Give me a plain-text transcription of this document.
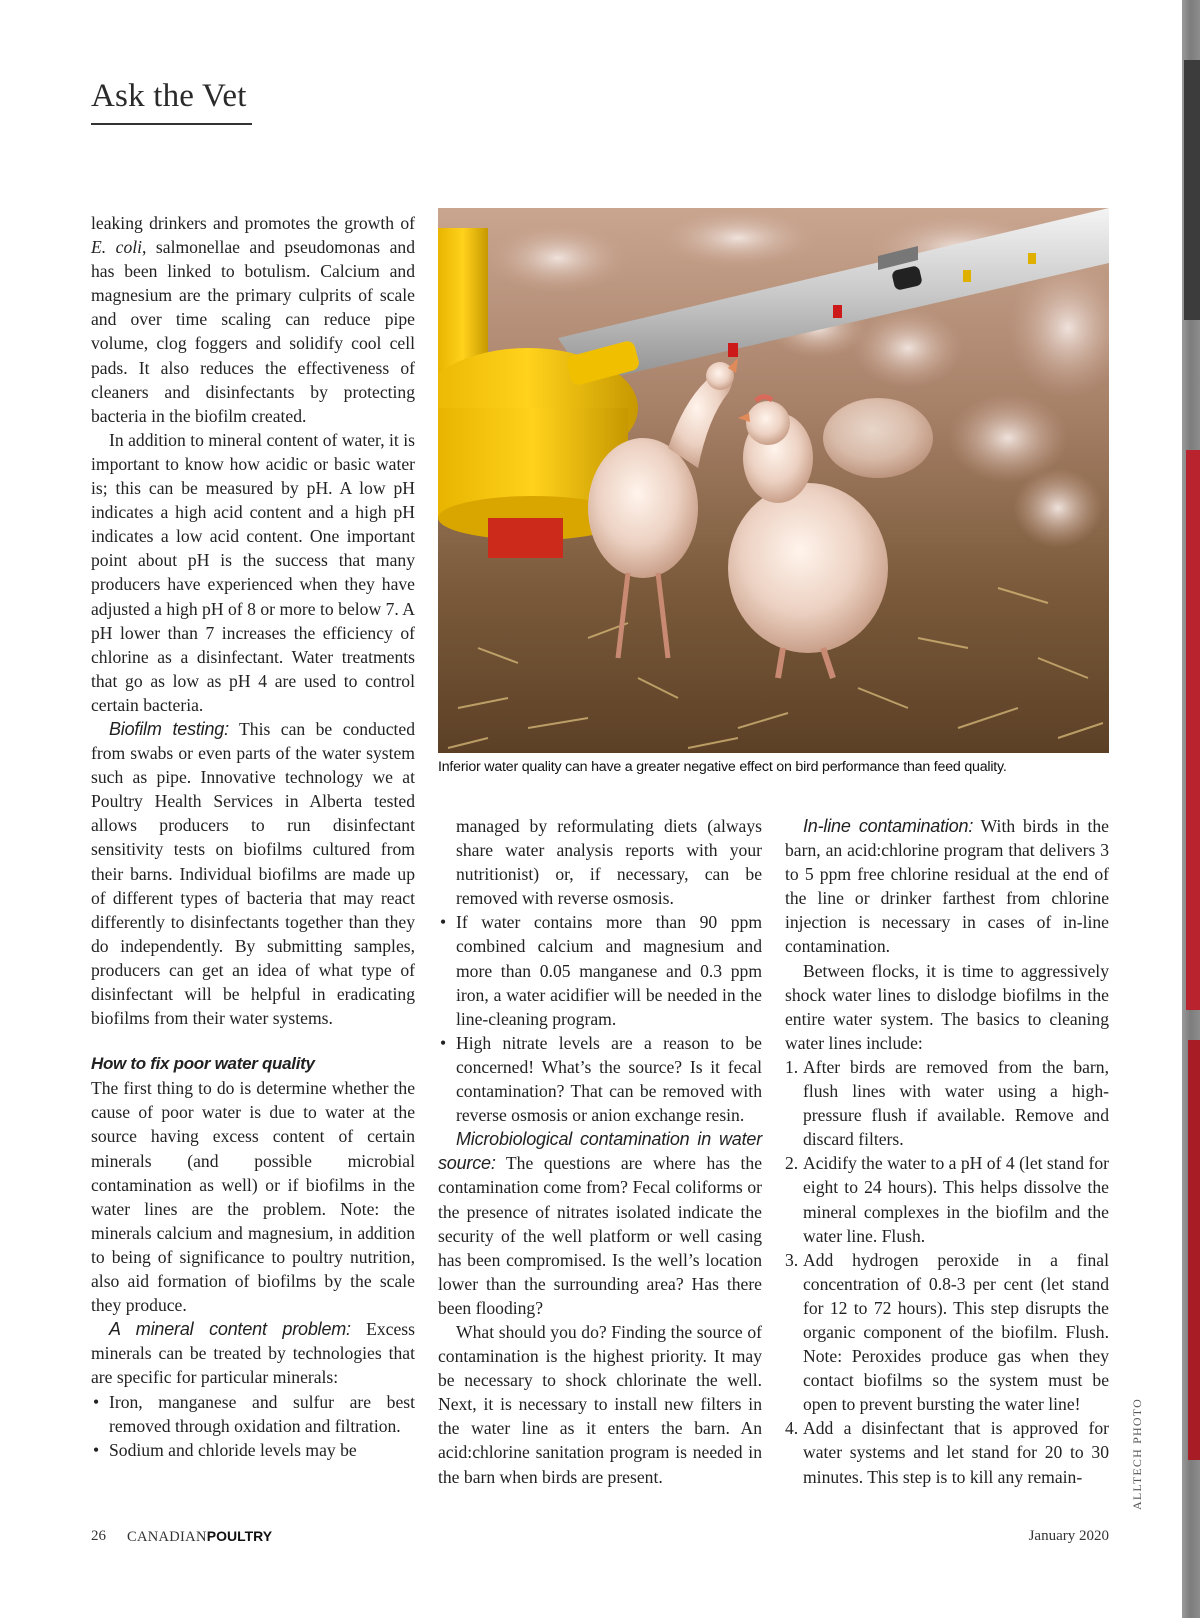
Ask the Vet

leaking drinkers and promotes the growth of E. coli, salmonellae and pseudomonas and has been linked to botulism. Calcium and magnesium are the primary culprits of scale and over time scaling can reduce pipe volume, clog foggers and solidify cool cell pads. It also reduces the effectiveness of cleaners and disinfectants by protecting bacteria in the biofilm created.

In addition to mineral content of water, it is important to know how acidic or basic water is; this can be measured by pH. A low pH indicates a high acid content and a high pH indicates a low acid content. One important point about pH is the success that many producers have experienced when they have adjusted a high pH of 8 or more to below 7. A pH lower than 7 increases the efficiency of chlorine as a disinfectant. Water treatments that go as low as pH 4 are used to control certain bacteria.

Biofilm testing: This can be conducted from swabs or even parts of the water system such as pipe. Innovative technology we at Poultry Health Services in Alberta tested allows producers to run disinfectant sensitivity tests on biofilms cultured from their barns. Individual biofilms are made up of different types of bacteria that may react differently to disinfectants together than they do independently. By submitting samples, producers can get an idea of what type of disinfectant will be helpful in eradicating biofilms from their water systems.

How to fix poor water quality

The first thing to do is determine whether the cause of poor water is due to water at the source having excess content of certain minerals (and possible microbial contamination as well) or if biofilms in the water lines are the problem. Note: the minerals calcium and magnesium, in addition to being of significance to poultry nutrition, also aid formation of biofilms by the scale they produce.

A mineral content problem: Excess minerals can be treated by technologies that are specific for particular minerals:

• Iron, manganese and sulfur are best removed through oxidation and filtration.
• Sodium and chloride levels may be
Inferior water quality can have a greater negative effect on bird performance than feed quality.
ALLTECH PHOTO

managed by reformulating diets (always share water analysis reports with your nutritionist) or, if necessary, can be removed with reverse osmosis.

• If water contains more than 90 ppm combined calcium and magnesium and more than 0.05 manganese and 0.3 ppm iron, a water acidifier will be needed in the line-cleaning program.
• High nitrate levels are a reason to be concerned! What’s the source? Is it fecal contamination? That can be removed with reverse osmosis or anion exchange resin.

Microbiological contamination in water source: The questions are where has the contamination come from? Fecal coliforms or the presence of nitrates isolated indicate the security of the well platform or well casing has been compromised. Is the well’s location lower than the surrounding area? Has there been flooding?

What should you do? Finding the source of contamination is the highest priority. It may be necessary to shock chlorinate the well. Next, it is necessary to install new filters in the water line as it enters the barn. An acid:chlorine sanitation program is needed in the barn when birds are present.

In-line contamination: With birds in the barn, an acid:chlorine program that delivers 3 to 5 ppm free chlorine residual at the end of the line or drinker farthest from chlorine injection is necessary in cases of in-line contamination.

Between flocks, it is time to aggressively shock water lines to dislodge biofilms in the entire water system. The basics to cleaning water lines include:

1. After birds are removed from the barn, flush lines with water using a high-pressure flush if available. Remove and discard filters.
2. Acidify the water to a pH of 4 (let stand for eight to 24 hours). This helps dissolve the mineral complexes in the biofilm and the water line. Flush.
3. Add hydrogen peroxide in a final concentration of 0.8-3 per cent (let stand for 12 to 72 hours). This step disrupts the organic component of the biofilm. Flush. Note: Peroxides produce gas when they contact biofilms so the system must be open to prevent bursting the water line!
4. Add a disinfectant that is approved for water systems and let stand for 20 to 30 minutes. This step is to kill any remain-
26 CANADIANPOULTRY	January 2020
